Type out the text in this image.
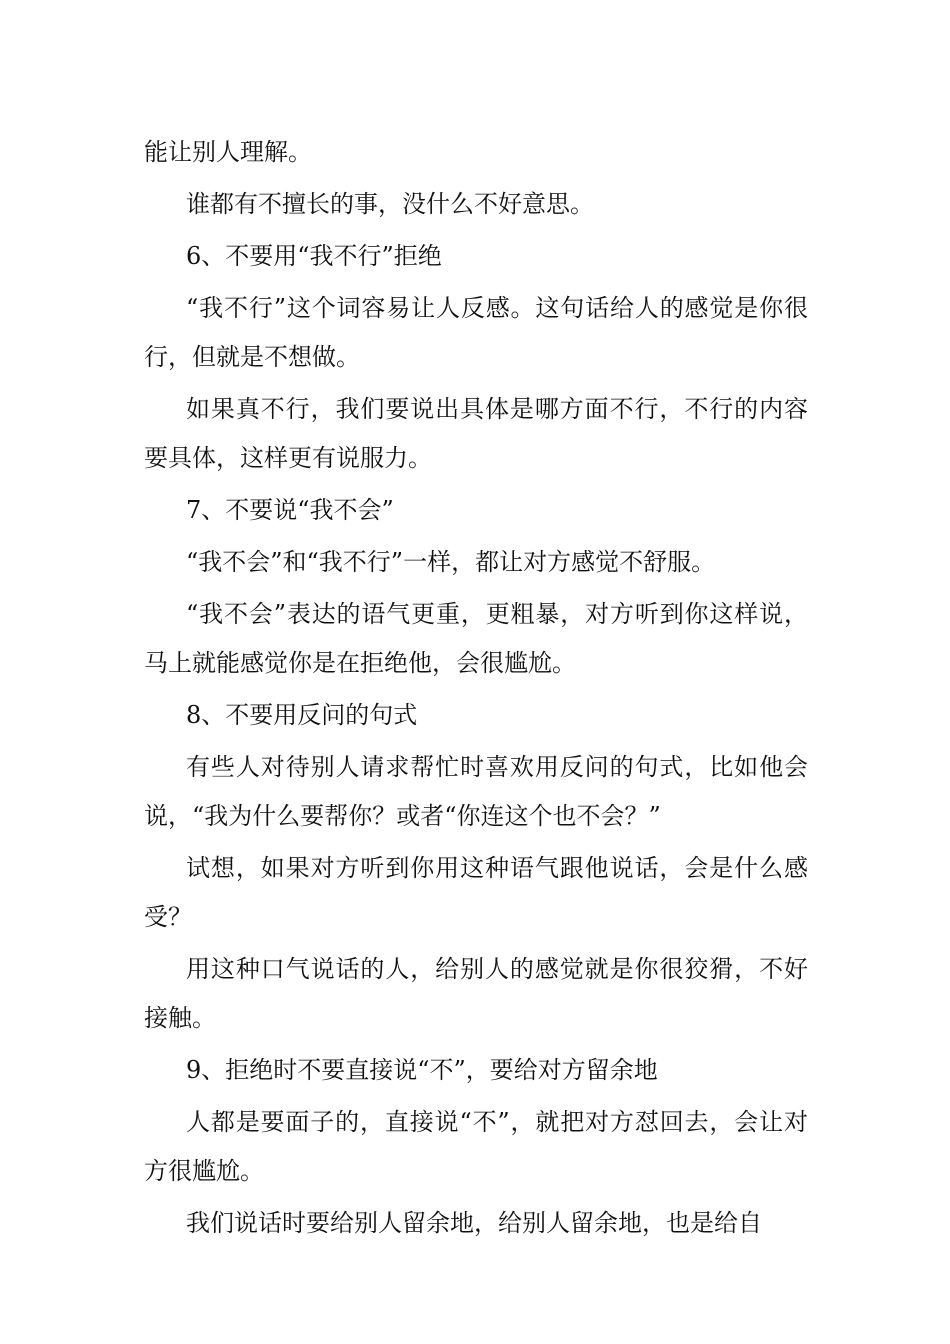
能让别人理解。

谁都有不擅长的事，没什么不好意思。

6、不要用“我不行”拒绝

“我不行”这个词容易让人反感。这句话给人的感觉是你很行，但就是不想做。

如果真不行，我们要说出具体是哪方面不行，不行的内容要具体，这样更有说服力。

7、不要说“我不会”

“我不会”和“我不行”一样，都让对方感觉不舒服。

“我不会”表达的语气更重，更粗暴，对方听到你这样说，马上就能感觉你是在拒绝他，会很尴尬。

8、不要用反问的句式

有些人对待别人请求帮忙时喜欢用反问的句式，比如他会说，“我为什么要帮你？或者“你连这个也不会？”

试想，如果对方听到你用这种语气跟他说话，会是什么感受？

用这种口气说话的人，给别人的感觉就是你很狡猾，不好接触。

9、拒绝时不要直接说“不”，要给对方留余地

人都是要面子的，直接说“不”，就把对方怼回去，会让对方很尴尬。

我们说话时要给别人留余地，给别人留余地，也是给自
